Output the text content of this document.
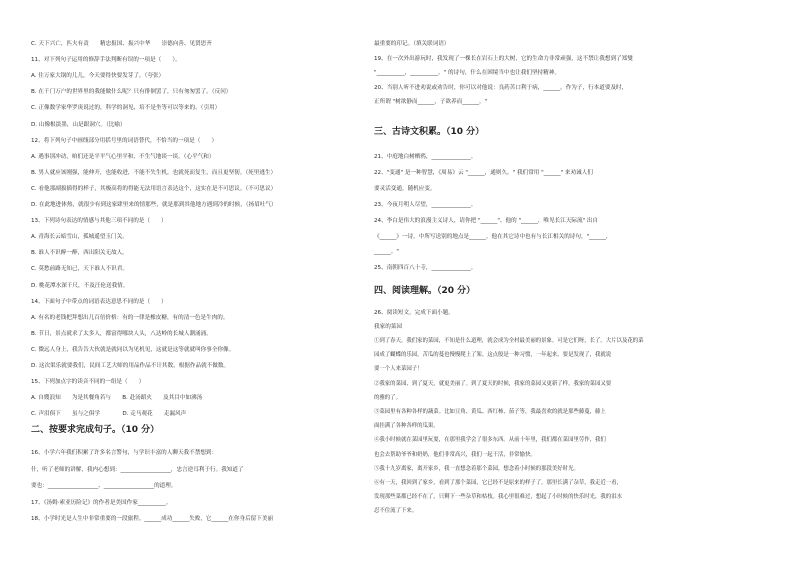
C. 天下兴亡，匹夫有责　　精忠报国、振兴中华　　崇德向善、见贤思齐
11、对下列句子运用的修辞手法判断有误的一项是（　　）。
A. 住万家大锅的儿儿，今天要得快要发芽了。（夸张）
B. 在千门万户的世界里的我能做什么呢？只有徘徊罢了，只有匆匆罢了。（反问）
C. 正像数学家华罗庚说过的，科学的洞见，培不是坐等可以等来的。（引用）
D. 山像根淡墨，山是跟洞穴。（比喻）
12、将下列句子中画线部分用括号里的词语替代，不恰当的一项是（　　）
A. 遇事别冲动，咱们还是平平气心里平和，不生气地谈一谈。（心平气和）
B. 男人就应该刚强，能伸开，也能收进，不能不失生机，也就死而复生，而且更坚韧。（死里逃生）
C. 看他那副拔插得的样子，其极高将的得能无法用语言表达这个，这实在是不可思议。（不可思议）
D. 在此地进体热，就很少有到这家肆里来的情那些，就是那到其他地方遇到冷的时候，（扬眉吐气）
13、下列诗句表达的情感与其他三项不同的是（　　）
A. 青海长云暗雪山，孤城遥望玉门关。
B. 谁人不识醉一醉，西出阳关无故人。
C. 莫愁前路无知己，天下谁人不识君。
D. 桃花潭水深千尺，不及汪伦送我情。
14、下面句子中带点的词语表达意思不同的是（　　）
A. 有名的老钱把拜想出几百倍价格：有的一律是橡皮糖，有的清一色是牛肉的。
B. 节日，景点就求了太多人，都富得哪块人头，八达岭的长城人潮涌涌。
C. 微远人身上，我告告大伙就是就同以为见机见，这就是这等就就叫你事全你像。
D. 这次渠乐就要我们，民间工艺大师的用品作品不计其数，根据作品就不做数。
15、下列加点字的读音不同的一组是（　　）
A. 自嫂浪知　　为是其餐角若与　　B. 赴汤蹈火　　及其目中如沸汤
C. 声泪俱下　　虽与之俱学　　　　D. 走马观花　　走漏风声
二、按要求完成句子。（10 分）
16、小学六年我们积累了许多名言警句，与学识丰富的人聊天我不禁想到：
什，听了老师的讲解，我内心想到：__________________，忠言逆耳利于行。我知道了
要也：__________________、__________________的道理。
17、《汤姆·索亚历险记》的作者是美国作家__________。
18、小学时光是人生中非常重要的一段旅程。______成功______失败，它______在你身后留下美丽
最重要的印记。（填关联词语）
19、在一次外出游玩时，我发现了一棵长在岩石上的大树，它的生命力非常顽强，这不禁让我想到了郑燮
"__________，__________。" 的诗句，什么在困境当中也让我们坚持精神。
20、当别人听不进劝说或劝告时，你可以对他说：良药苦口利于病，______。作为子，行本道要及时，
正所谓 "树欲静而______，子欲养而______。"
三、古诗文积累。（10 分）
21、中庭地白树栖鸦，______________。
22、"变通" 是一种智慧，《周易》云 "______，通则久。" 我们常用 "______" 来劝诫人们
要灵活变通，随机应变。
23、今夜月明人尽望，______________。
24、李白是伟大的浪漫主义诗人，请你把 "______"、他的 "______，唯见长江天际流" 出自
《______》一诗，中所写送别的地点是______。他在其它诗中也有与长江相关的诗句，"______，
______。"
25、南朝四百八十寺，______________。
四、阅读理解。（20 分）
26、阅读短文，完成下面小题。
我家的菜园
①到了春天，我们家的菜园，不知是什么道理，就会成为全村最美丽的景象。可是它们呀，长了。大片以及花的菜
园成了蝴蝶的乐园，苦瓜的蔓也慢慢爬上了架。这点般是一种习惯，一年起来，要是发现了，我就说
要一个人来菜园子！
②我家的菜园，到了夏天，就更美丽了。到了夏天的时候，我家的菜园又更新了样，我家的菜园又要
的雅的了。
③菜园里有各种各样的蔬菜。比如豆角、黄瓜、西红柿、茄子等，我最喜欢的就是那些藤蔓，藤上
面挂满了各种各样的瓜果。
④我小时候就在菜园里玩耍，在那里我学会了很多东西。从前十年里，我们都在菜园里劳作，我们
也会去帮助爷爷和奶奶，他们非常高兴，我们一起干活，非常愉快。
⑤我十九岁离家，离开家乡，我一直想念着那个菜园，想念着小时候的那段美好时光。
⑥有一天，我回到了家乡，看到了那个菜园，它已经不是原来的样子了。那里长满了杂草，我走近一看，
发现那些菜都已经不在了，只剩下一些杂草和枯枝。我心里很难过，想起了小时候的快乐时光，我的泪水
忍不住流了下来。
